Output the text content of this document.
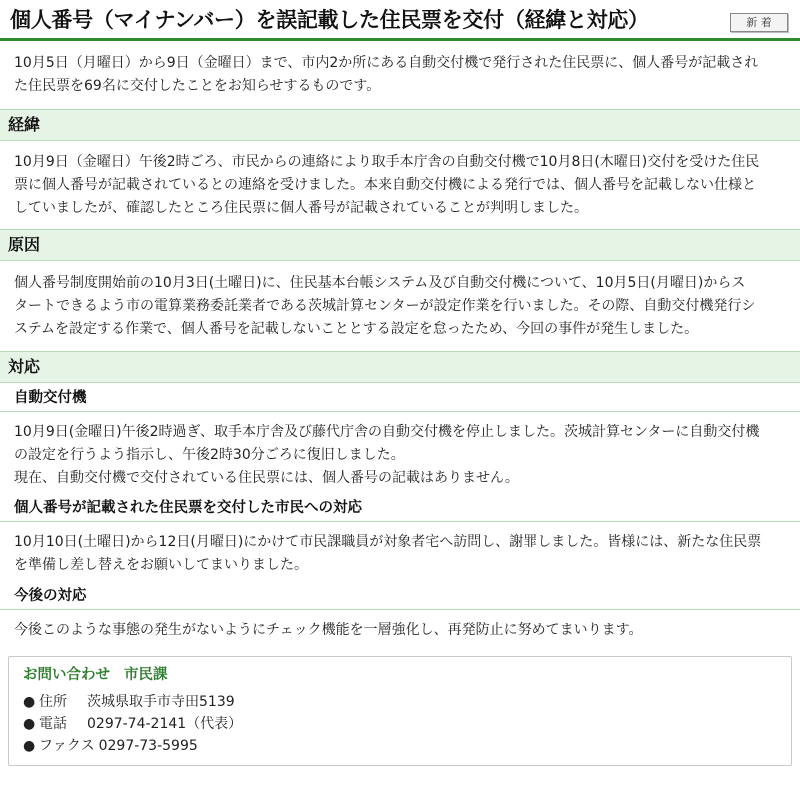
個人番号（マイナンバー）を誤記載した住民票を交付（経緯と対応）	新 着

10月5日（月曜日）から9日（金曜日）まで、市内2か所にある自動交付機で発行された住民票に、個人番号が記載され
た住民票を69名に交付したことをお知らせするものです。

経緯

10月9日（金曜日）午後2時ごろ、市民からの連絡により取手本庁舎の自動交付機で10月8日(木曜日)交付を受けた住民
票に個人番号が記載されているとの連絡を受けました。本来自動交付機による発行では、個人番号を記載しない仕様と
していましたが、確認したところ住民票に個人番号が記載されていることが判明しました。

原因

個人番号制度開始前の10月3日(土曜日)に、住民基本台帳システム及び自動交付機について、10月5日(月曜日)からス
タートできるよう市の電算業務委託業者である茨城計算センターが設定作業を行いました。その際、自動交付機発行シ
ステムを設定する作業で、個人番号を記載しないこととする設定を怠ったため、今回の事件が発生しました。

対応
自動交付機

10月9日(金曜日)午後2時過ぎ、取手本庁舎及び藤代庁舎の自動交付機を停止しました。茨城計算センターに自動交付機
の設定を行うよう指示し、午後2時30分ごろに復旧しました。
現在、自動交付機で交付されている住民票には、個人番号の記載はありません。

個人番号が記載された住民票を交付した市民への対応

10月10日(土曜日)から12日(月曜日)にかけて市民課職員が対象者宅へ訪問し、謝罪しました。皆様には、新たな住民票
を準備し差し替えをお願いしてまいりました。

今後の対応

今後このような事態の発生がないようにチェック機能を一層強化し、再発防止に努めてまいります。

お問い合わせ 市民課
● 住所 茨城県取手市寺田5139
● 電話 0297-74-2141（代表）
● ファクス 0297-73-5995
